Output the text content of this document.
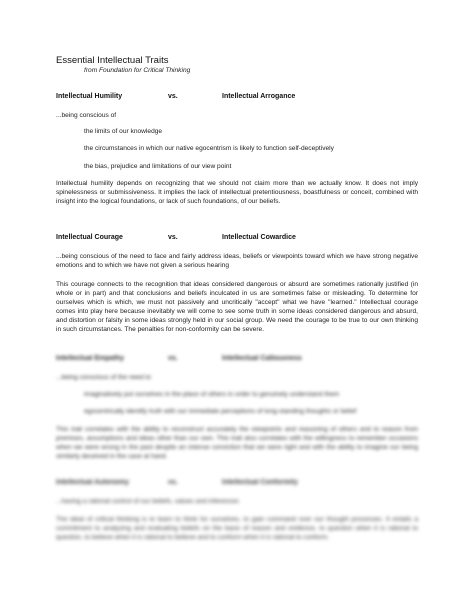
Essential Intellectual Traits
from Foundation for Critical Thinking
Intellectual Humility	vs.	Intellectual Arrogance
...being conscious of
the limits of our knowledge
the circumstances in which our native egocentrism is likely to function self-deceptively
the bias, prejudice and limitations of our view point

Intellectual humility depends on recognizing that we should not claim more than we actually know. It does not imply spinelessness or submissiveness. It implies the lack of intellectual pretentiousness, boastfulness or conceit, combined with insight into the logical foundations, or lack of such foundations, of our beliefs.

Intellectual Courage	vs.	Intellectual Cowardice

...being conscious of the need to face and fairly address ideas, beliefs or viewpoints toward which we have strong negative emotions and to which we have not given a serious hearing

This courage connects to the recognition that ideas considered dangerous or absurd are sometimes rationally justified (in whole or in part) and that conclusions and beliefs inculcated in us are sometimes false or misleading. To determine for ourselves which is which, we must not passively and uncritically "accept" what we have "learned." Intellectual courage comes into play here because inevitably we will come to see some truth in some ideas considered dangerous and absurd, and distortion or falsity in some ideas strongly held in our social group. We need the courage to be true to our own thinking in such circumstances. The penalties for non-conformity can be severe.

Intellectual Empathy	vs.	Intellectual Callousness
...being conscious of the need to
imaginatively put ourselves in the place of others in order to genuinely understand them
egocentrically identify truth with our immediate perceptions of long-standing thoughts or belief

This trait correlates with the ability to reconstruct accurately the viewpoints and reasoning of others and to reason from premises, assumptions and ideas other than our own. This trait also correlates with the willingness to remember occasions when we were wrong in the past despite an intense conviction that we were right and with the ability to imagine our being similarly deceived in the case at hand.

Intellectual Autonomy	vs.	Intellectual Conformity
...having a rational control of our beliefs, values and inferences

The ideal of critical thinking is to learn to think for ourselves, to gain command over our thought processes. It entails a commitment to analyzing and evaluating beliefs on the basis of reason and evidence, to question when it is rational to question, to believe when it is rational to believe and to conform when it is rational to conform.
